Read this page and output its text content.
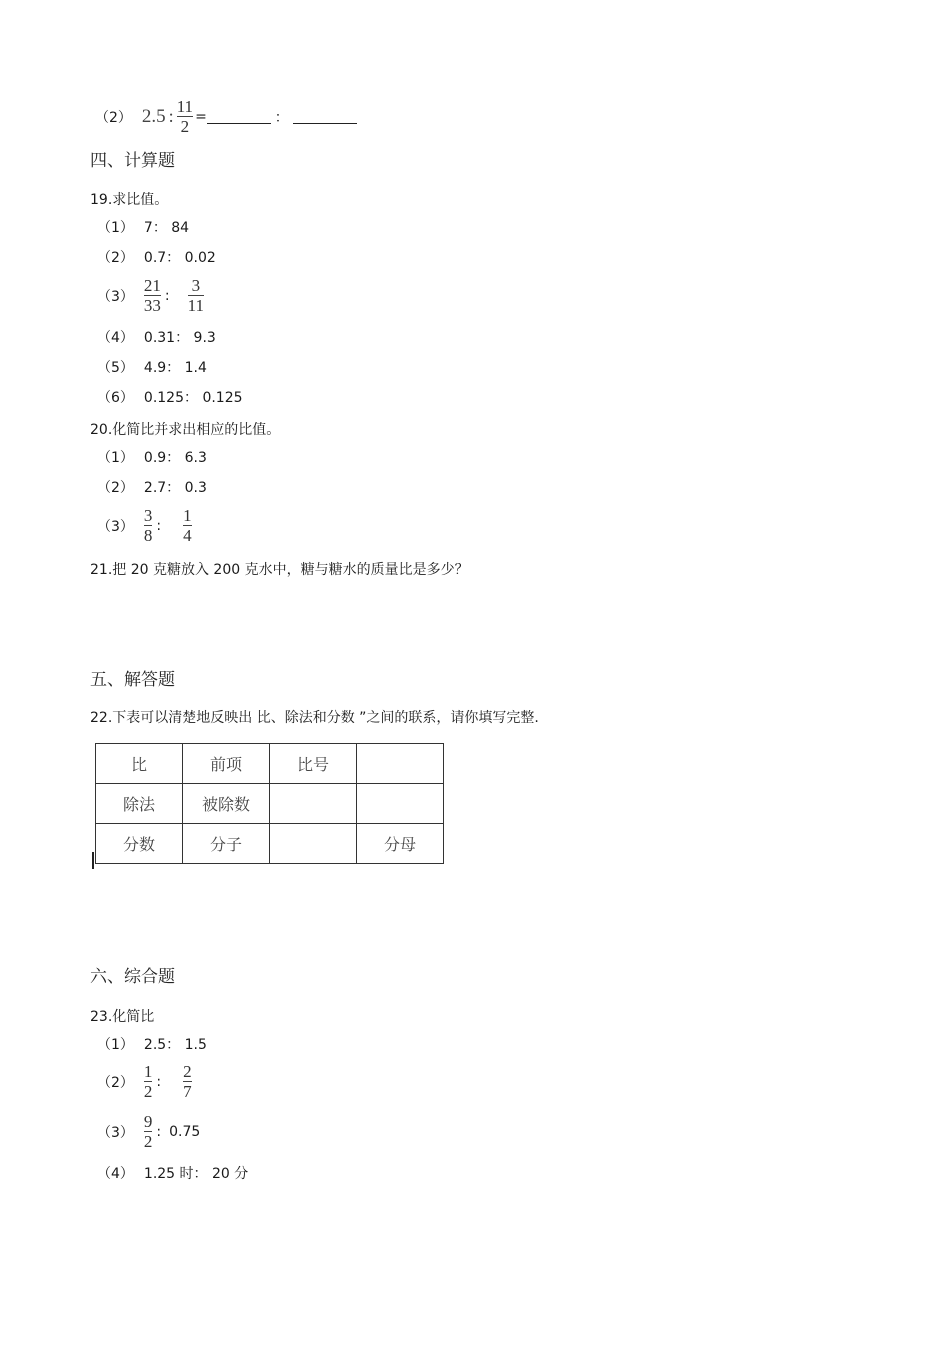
（2） 2.5 : $\frac{11}{2}$ =	：
四、计算题
19.求比值。
（1） 7： 84
（2） 0.7： 0.02
$(3) \frac{21}{33}$ : $\frac{3}{11}$
（4） 0.31： 9.3
（5） 4.9： 1.4
（6） 0.125： 0.125
20.化简比并求出相应的比值。
（1） 0.9： 6.3
（2） 2.7： 0.3
$(3) \frac{3}{8}$ : $\frac{1}{4}$
21.把 20 克糖放入 200 克水中，糖与糖水的质量比是多少？
五、解答题
22.下表可以清楚地反映出 比、除法和分数 ”之间的联系，请你填写完整.
比	前项	比号	
除法	被除数		
分数	分子		分母
六、综合题
23.化简比
（1） 2.5： 1.5
$(2) \frac{1}{2}$ : $\frac{2}{7}$
$(3) \frac{9}{2}$ : 0.75
（4） 1.25 时： 20 分
